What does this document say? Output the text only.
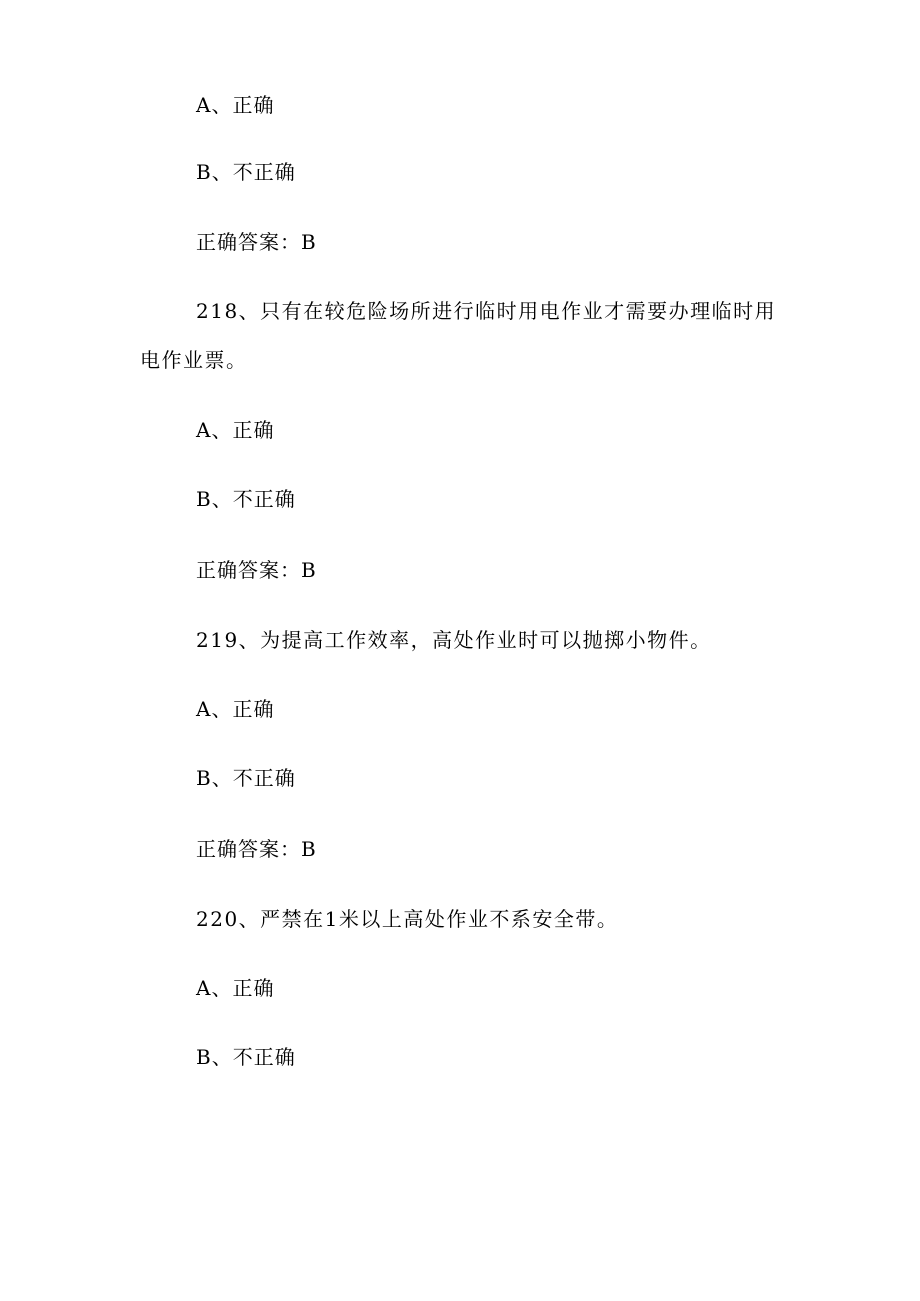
A、正确
B、不正确
正确答案：B
218、只有在较危险场所进行临时用电作业才需要办理临时用
电作业票。
A、正确
B、不正确
正确答案：B
219、为提高工作效率，高处作业时可以抛掷小物件。
A、正确
B、不正确
正确答案：B
220、严禁在1米以上高处作业不系安全带。
A、正确
B、不正确
